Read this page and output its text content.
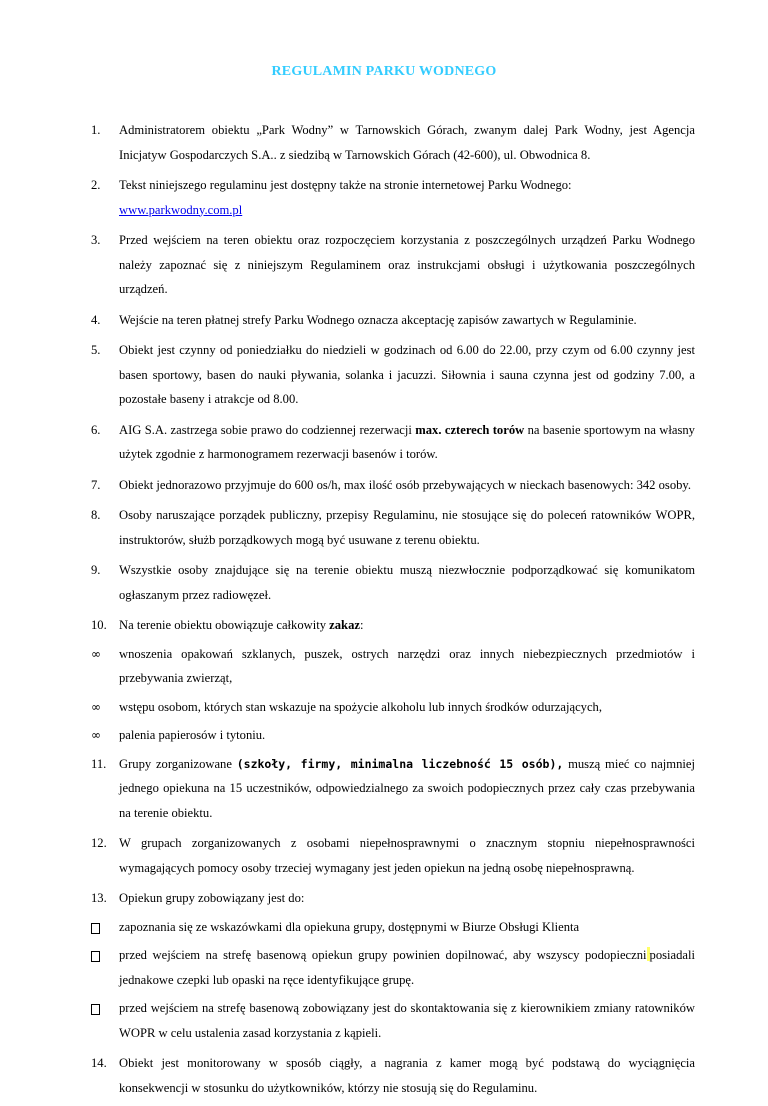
REGULAMIN PARKU WODNEGO
1. Administratorem obiektu „Park Wodny” w Tarnowskich Górach, zwanym dalej Park Wodny, jest Agencja Inicjatyw Gospodarczych S.A.. z siedzibą w Tarnowskich Górach (42-600), ul. Obwodnica 8.
2. Tekst niniejszego regulaminu jest dostępny także na stronie internetowej Parku Wodnego:
www.parkwodny.com.pl
3. Przed wejściem na teren obiektu oraz rozpoczęciem korzystania z poszczególnych urządzeń Parku Wodnego należy zapoznać się z niniejszym Regulaminem oraz instrukcjami obsługi i użytkowania poszczególnych urządzeń.
4. Wejście na teren płatnej strefy Parku Wodnego oznacza akceptację zapisów zawartych w Regulaminie.
5. Obiekt jest czynny od poniedziałku do niedzieli w godzinach od 6.00 do 22.00, przy czym od 6.00 czynny jest basen sportowy, basen do nauki pływania, solanka i jacuzzi. Siłownia i sauna czynna jest od godziny 7.00, a pozostałe baseny i atrakcje od 8.00.
6. AIG S.A. zastrzega sobie prawo do codziennej rezerwacji max. czterech torów na basenie sportowym na własny użytek zgodnie z harmonogramem rezerwacji basenów i torów.
7. Obiekt jednorazowo przyjmuje do 600 os/h, max ilość osób przebywających w nieckach basenowych: 342 osoby.
8. Osoby naruszające porządek publiczny, przepisy Regulaminu, nie stosujące się do poleceń ratowników WOPR, instruktorów, służb porządkowych mogą być usuwane z terenu obiektu.
9. Wszystkie osoby znajdujące się na terenie obiektu muszą niezwłocznie podporządkować się komunikatom ogłaszanym przez radiowęzeł.
10. Na terenie obiektu obowiązuje całkowity zakaz:
∞ wnoszenia opakowań szklanych, puszek, ostrych narzędzi oraz innych niebezpiecznych przedmiotów i przebywania zwierząt,
∞ wstępu osobom, których stan wskazuje na spożycie alkoholu lub innych środków odurzających,
∞ palenia papierosów i tytoniu.
11. Grupy zorganizowane (szkoły, firmy, minimalna liczebność 15 osób), muszą mieć co najmniej jednego opiekuna na 15 uczestników, odpowiedzialnego za swoich podopiecznych przez cały czas przebywania na terenie obiektu.
12. W grupach zorganizowanych z osobami niepełnosprawnymi o znacznym stopniu niepełnosprawności wymagających pomocy osoby trzeciej wymagany jest jeden opiekun na jedną osobę niepełnosprawną.
13. Opiekun grupy zobowiązany jest do:
zapoznania się ze wskazówkami dla opiekuna grupy, dostępnymi w Biurze Obsługi Klienta
przed wejściem na strefę basenową opiekun grupy powinien dopilnować, aby wszyscy podopieczni posiadali jednakowe czepki lub opaski na ręce identyfikujące grupę.
przed wejściem na strefę basenową zobowiązany jest do skontaktowania się z kierownikiem zmiany ratowników WOPR w celu ustalenia zasad korzystania z kąpieli.
14. Obiekt jest monitorowany w sposób ciągły, a nagrania z kamer mogą być podstawą do wyciągnięcia konsekwencji w stosunku do użytkowników, którzy nie stosują się do Regulaminu.
